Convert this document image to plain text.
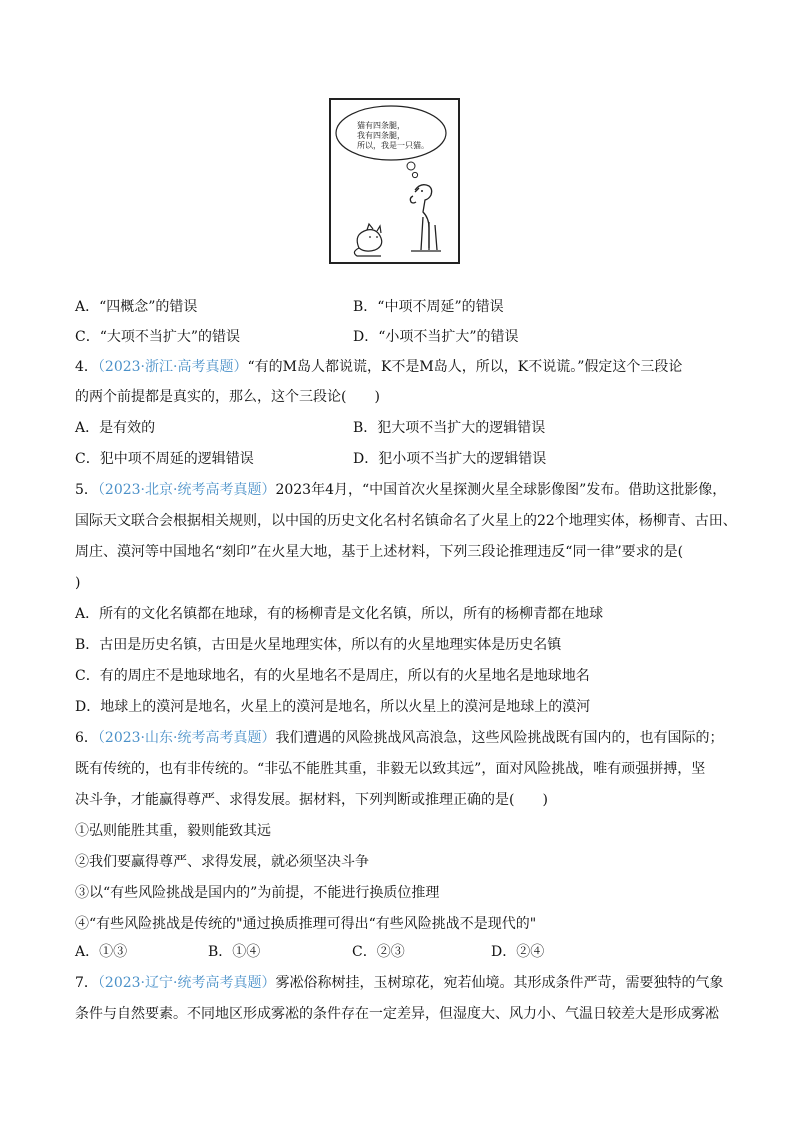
猫有四条腿，
我有四条腿，
所以，我是一只猫。
A．“四概念”的错误	B．“中项不周延”的错误
C．“大项不当扩大”的错误	D．“小项不当扩大”的错误
4．（2023·浙江·高考真题）“有的M岛人都说谎，K不是M岛人，所以，K不说谎。”假定这个三段论
的两个前提都是真实的，那么，这个三段论(　　)
A．是有效的	B．犯大项不当扩大的逻辑错误
C．犯中项不周延的逻辑错误	D．犯小项不当扩大的逻辑错误
5．（2023·北京·统考高考真题）2023年4月，“中国首次火星探测火星全球影像图”发布。借助这批影像，
国际天文联合会根据相关规则，以中国的历史文化名村名镇命名了火星上的22个地理实体，杨柳青、古田、
周庄、漠河等中国地名“刻印”在火星大地，基于上述材料，下列三段论推理违反“同一律”要求的是(
)
A．所有的文化名镇都在地球，有的杨柳青是文化名镇，所以，所有的杨柳青都在地球
B．古田是历史名镇，古田是火星地理实体，所以有的火星地理实体是历史名镇
C．有的周庄不是地球地名，有的火星地名不是周庄，所以有的火星地名是地球地名
D．地球上的漠河是地名，火星上的漠河是地名，所以火星上的漠河是地球上的漠河
6．（2023·山东·统考高考真题）我们遭遇的风险挑战风高浪急，这些风险挑战既有国内的，也有国际的；
既有传统的，也有非传统的。“非弘不能胜其重，非毅无以致其远”，面对风险挑战，唯有顽强拼搏，坚
决斗争，才能赢得尊严、求得发展。据材料，下列判断或推理正确的是(　　)
①弘则能胜其重，毅则能致其远
②我们要赢得尊严、求得发展，就必须坚决斗争
③以“有些风险挑战是国内的”为前提，不能进行换质位推理
④“有些风险挑战是传统的"通过换质推理可得出“有些风险挑战不是现代的"
A．①③	B．①④	C．②③	D．②④
7．（2023·辽宁·统考高考真题）雾凇俗称树挂，玉树琼花，宛若仙境。其形成条件严苛，需要独特的气象
条件与自然要素。不同地区形成雾凇的条件存在一定差异，但湿度大、风力小、气温日较差大是形成雾凇
